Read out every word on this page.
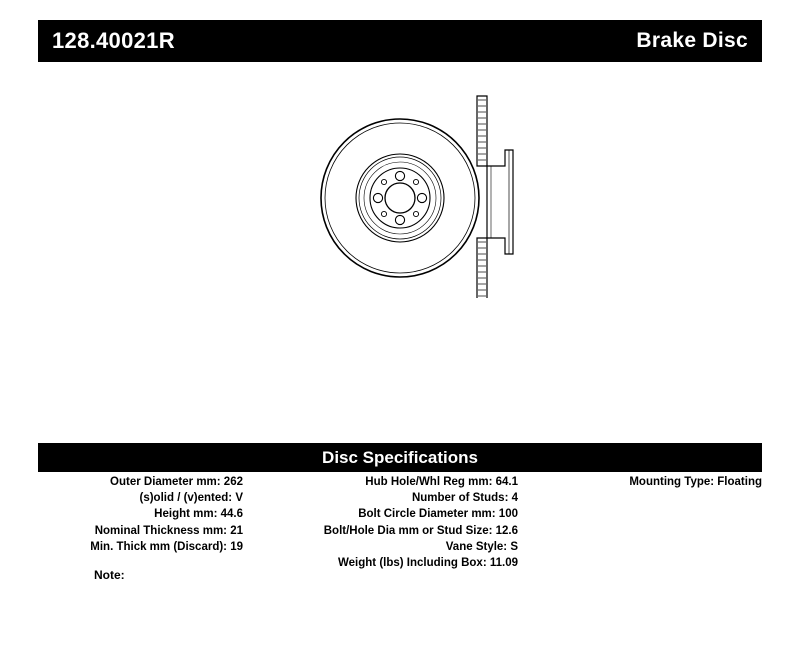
128.40021R	Brake Disc
Disc Specifications
Outer Diameter mm: 262
(s)olid / (v)ented: V
Height mm: 44.6
Nominal Thickness mm: 21
Min. Thick mm (Discard): 19
Hub Hole/Whl Reg mm: 64.1
Number of Studs: 4
Bolt Circle Diameter mm: 100
Bolt/Hole Dia mm or Stud Size: 12.6
Vane Style: S
Weight (lbs) Including Box: 11.09
Mounting Type: Floating
Note:
